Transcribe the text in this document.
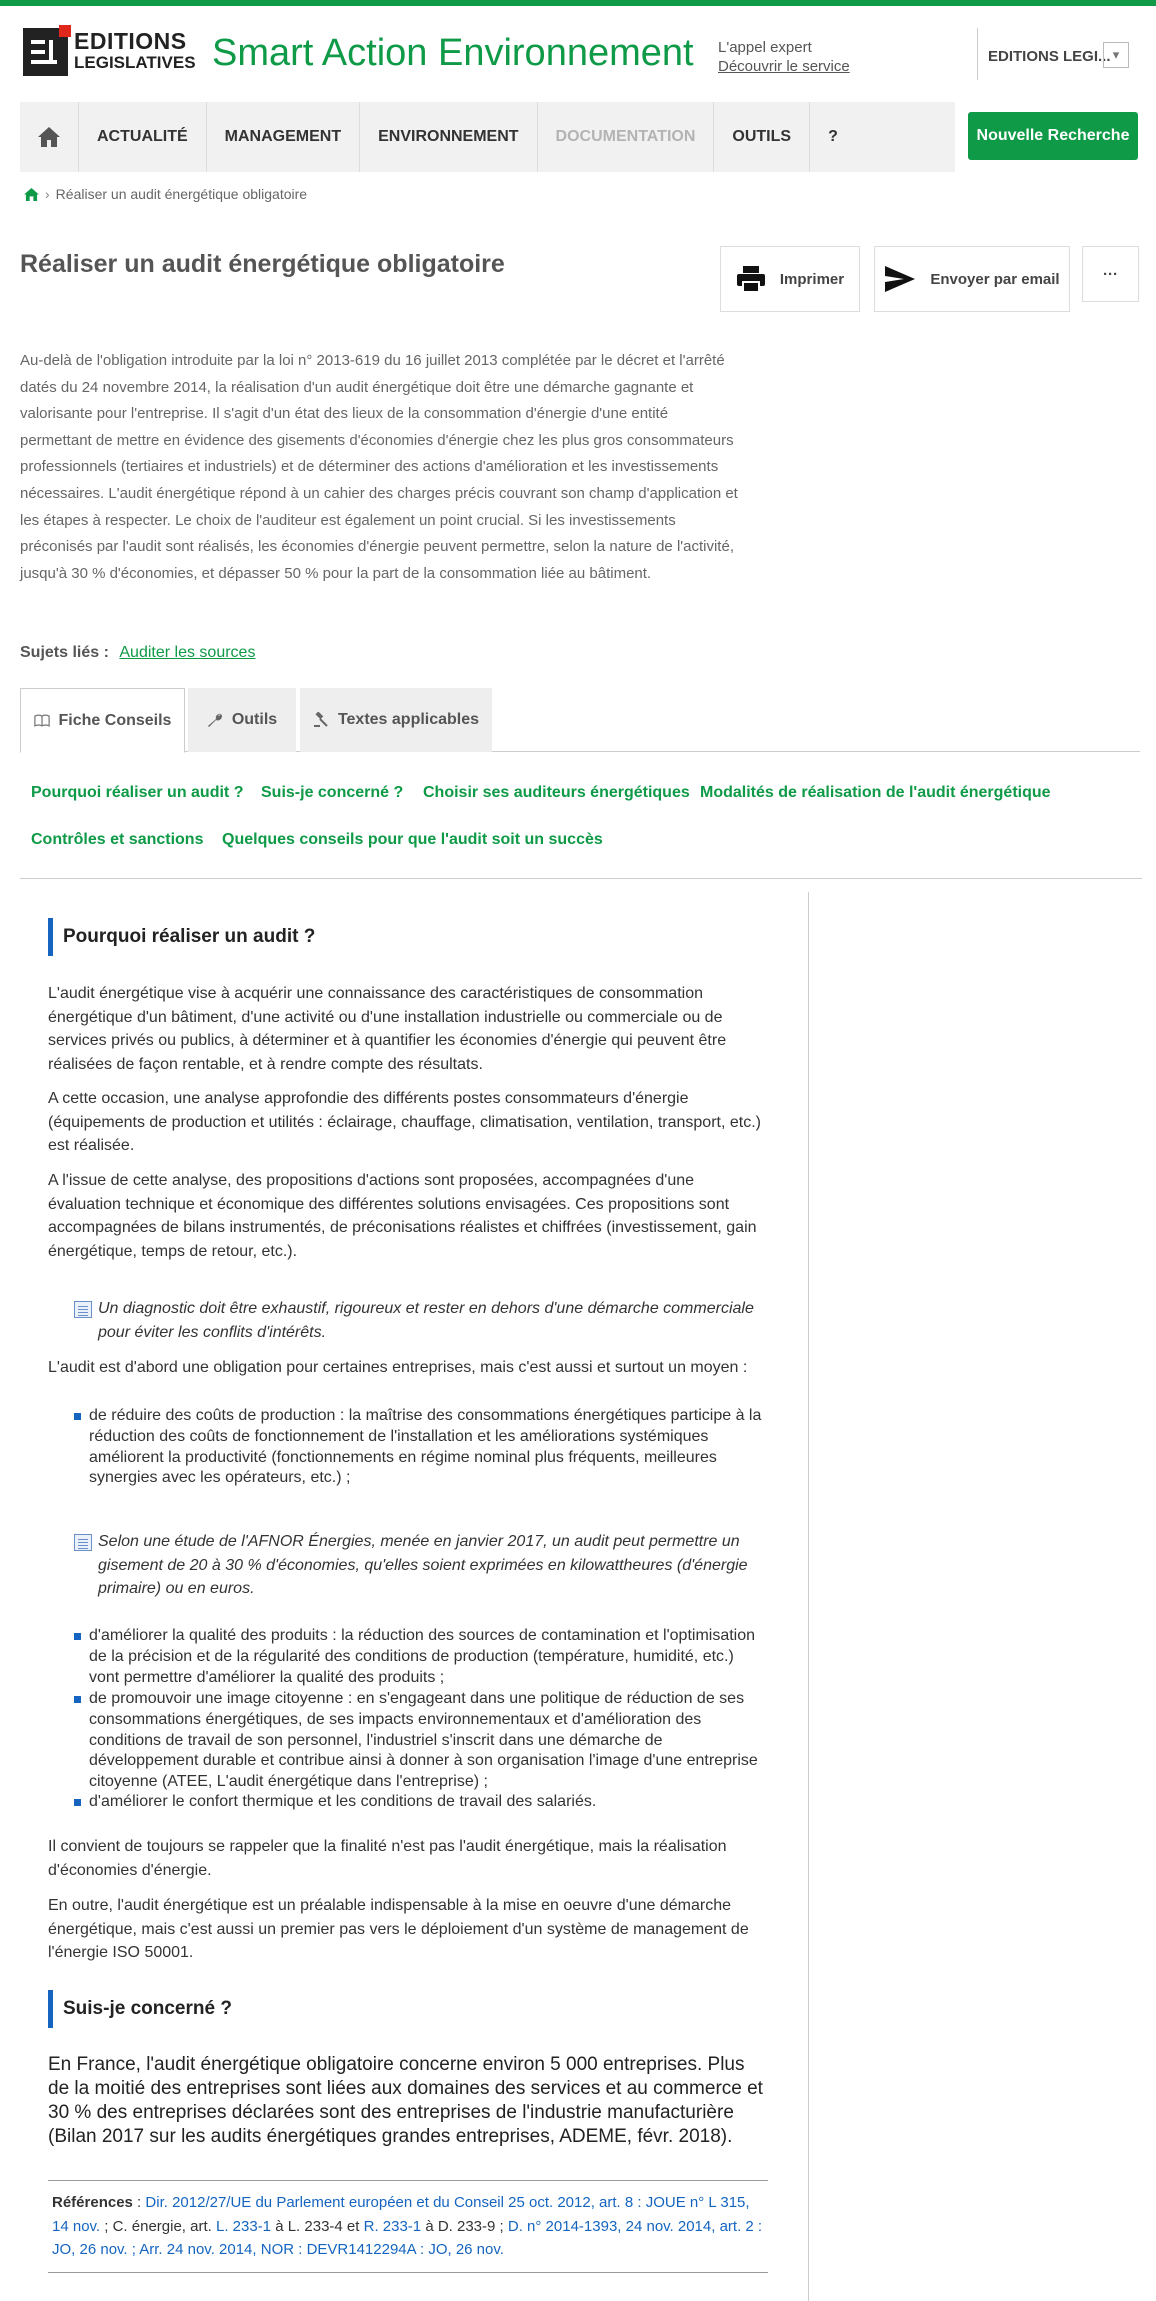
EDITIONS
LEGISLATIVES Smart Action Environnement L'appel expert
Découvrir le service
EDITIONS LEGI... ▾
ACTUALITÉ	MANAGEMENT	ENVIRONNEMENT	DOCUMENTATION	OUTILS	?	Nouvelle Recherche
› Réaliser un audit énergétique obligatoire
Réaliser un audit énergétique obligatoire
Imprimer	Envoyer par email	···

Au-delà de l'obligation introduite par la loi n° 2013-619 du 16 juillet 2013 complétée par le décret et l'arrêté datés du 24 novembre 2014, la réalisation d'un audit énergétique doit être une démarche gagnante et valorisante pour l'entreprise. Il s'agit d'un état des lieux de la consommation d'énergie d'une entité permettant de mettre en évidence des gisements d'économies d'énergie chez les plus gros consommateurs professionnels (tertiaires et industriels) et de déterminer des actions d'amélioration et les investissements nécessaires. L'audit énergétique répond à un cahier des charges précis couvrant son champ d'application et les étapes à respecter. Le choix de l'auditeur est également un point crucial. Si les investissements préconisés par l'audit sont réalisés, les économies d'énergie peuvent permettre, selon la nature de l'activité, jusqu'à 30 % d'économies, et dépasser 50 % pour la part de la consommation liée au bâtiment.

Sujets liés : Auditer les sources
Fiche Conseils	Outils	Textes applicables
Pourquoi réaliser un audit ? Suis-je concerné ? Choisir ses auditeurs énergétiques Modalités de réalisation de l'audit énergétique
Contrôles et sanctions Quelques conseils pour que l'audit soit un succès
Pourquoi réaliser un audit ?

L'audit énergétique vise à acquérir une connaissance des caractéristiques de consommation énergétique d'un bâtiment, d'une activité ou d'une installation industrielle ou commerciale ou de services privés ou publics, à déterminer et à quantifier les économies d'énergie qui peuvent être réalisées de façon rentable, et à rendre compte des résultats.

A cette occasion, une analyse approfondie des différents postes consommateurs d'énergie (équipements de production et utilités : éclairage, chauffage, climatisation, ventilation, transport, etc.) est réalisée.

A l'issue de cette analyse, des propositions d'actions sont proposées, accompagnées d'une évaluation technique et économique des différentes solutions envisagées. Ces propositions sont accompagnées de bilans instrumentés, de préconisations réalistes et chiffrées (investissement, gain énergétique, temps de retour, etc.).

Un diagnostic doit être exhaustif, rigoureux et rester en dehors d'une démarche commerciale pour éviter les conflits d'intérêts.

L'audit est d'abord une obligation pour certaines entreprises, mais c'est aussi et surtout un moyen :

de réduire des coûts de production : la maîtrise des consommations énergétiques participe à la réduction des coûts de fonctionnement de l'installation et les améliorations systémiques améliorent la productivité (fonctionnements en régime nominal plus fréquents, meilleures synergies avec les opérateurs, etc.) ;
Selon une étude de l'AFNOR Énergies, menée en janvier 2017, un audit peut permettre un gisement de 20 à 30 % d'économies, qu'elles soient exprimées en kilowattheures (d'énergie primaire) ou en euros.
d'améliorer la qualité des produits : la réduction des sources de contamination et l'optimisation de la précision et de la régularité des conditions de production (température, humidité, etc.) vont permettre d'améliorer la qualité des produits ;
de promouvoir une image citoyenne : en s'engageant dans une politique de réduction de ses consommations énergétiques, de ses impacts environnementaux et d'amélioration des conditions de travail de son personnel, l'industriel s'inscrit dans une démarche de développement durable et contribue ainsi à donner à son organisation l'image d'une entreprise citoyenne (ATEE, L'audit énergétique dans l'entreprise) ;
d'améliorer le confort thermique et les conditions de travail des salariés.

Il convient de toujours se rappeler que la finalité n'est pas l'audit énergétique, mais la réalisation d'économies d'énergie.

En outre, l'audit énergétique est un préalable indispensable à la mise en oeuvre d'une démarche énergétique, mais c'est aussi un premier pas vers le déploiement d'un système de management de l'énergie ISO 50001.

Suis-je concerné ?

En France, l'audit énergétique obligatoire concerne environ 5 000 entreprises. Plus de la moitié des entreprises sont liées aux domaines des services et au commerce et 30 % des entreprises déclarées sont des entreprises de l'industrie manufacturière (Bilan 2017 sur les audits énergétiques grandes entreprises, ADEME, févr. 2018).

Références : Dir. 2012/27/UE du Parlement européen et du Conseil 25 oct. 2012, art. 8 : JOUE n° L 315, 14 nov. ; C. énergie, art. L. 233-1 à L. 233-4 et R. 233-1 à D. 233-9 ; D. n° 2014-1393, 24 nov. 2014, art. 2 : JO, 26 nov. ; Arr. 24 nov. 2014, NOR : DEVR1412294A : JO, 26 nov.
